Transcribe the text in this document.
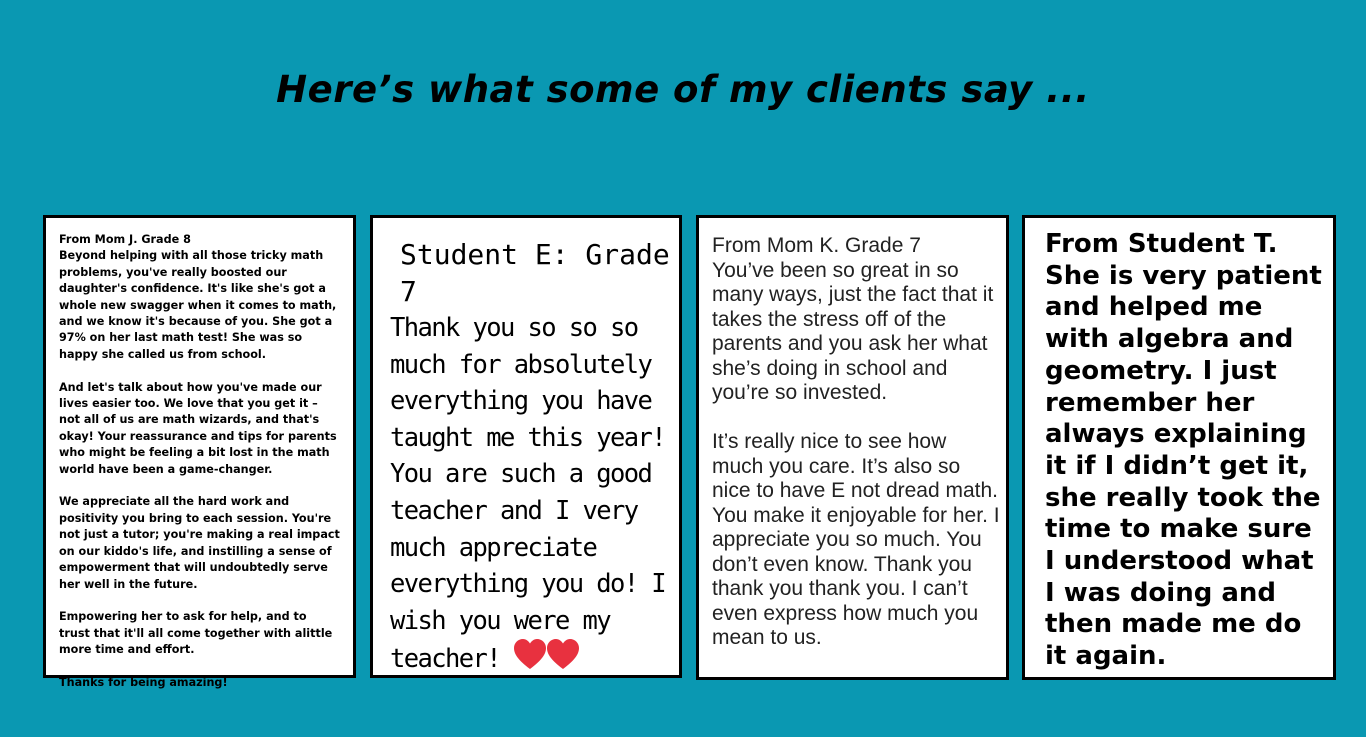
Here’s what some of my clients say ...
From Mom J. Grade 8
Beyond helping with all those tricky math problems, you've really boosted our daughter's confidence. It's like she's got a whole new swagger when it comes to math, and we know it's because of you. She got a 97% on her last math test! She was so happy she called us from school.
And let's talk about how you've made our lives easier too. We love that you get it – not all of us are math wizards, and that's okay! Your reassurance and tips for parents who might be feeling a bit lost in the math world have been a game-changer.
We appreciate all the hard work and positivity you bring to each session. You're not just a tutor; you're making a real impact on our kiddo's life, and instilling a sense of empowerment that will undoubtedly serve her well in the future.
Empowering her to ask for help, and to trust that it'll all come together with alittle more time and effort.
Thanks for being amazing!
Student E: Grade 7
Thank you so so so much for absolutely everything you have taught me this year! You are such a good teacher and I very much appreciate everything you do! I wish you were my teacher!
From Mom K. Grade 7
You’ve been so great in so many ways, just the fact that it takes the stress off of the parents and you ask her what she’s doing in school and you’re so invested.
It’s really nice to see how much you care. It’s also so nice to have E not dread math. You make it enjoyable for her. I appreciate you so much. You don’t even know. Thank you thank you thank you. I can’t even express how much you mean to us.
From Student T.
She is very patient and helped me with algebra and geometry. I just remember her always explaining it if I didn’t get it, she really took the time to make sure I understood what I was doing and then made me do it again.
